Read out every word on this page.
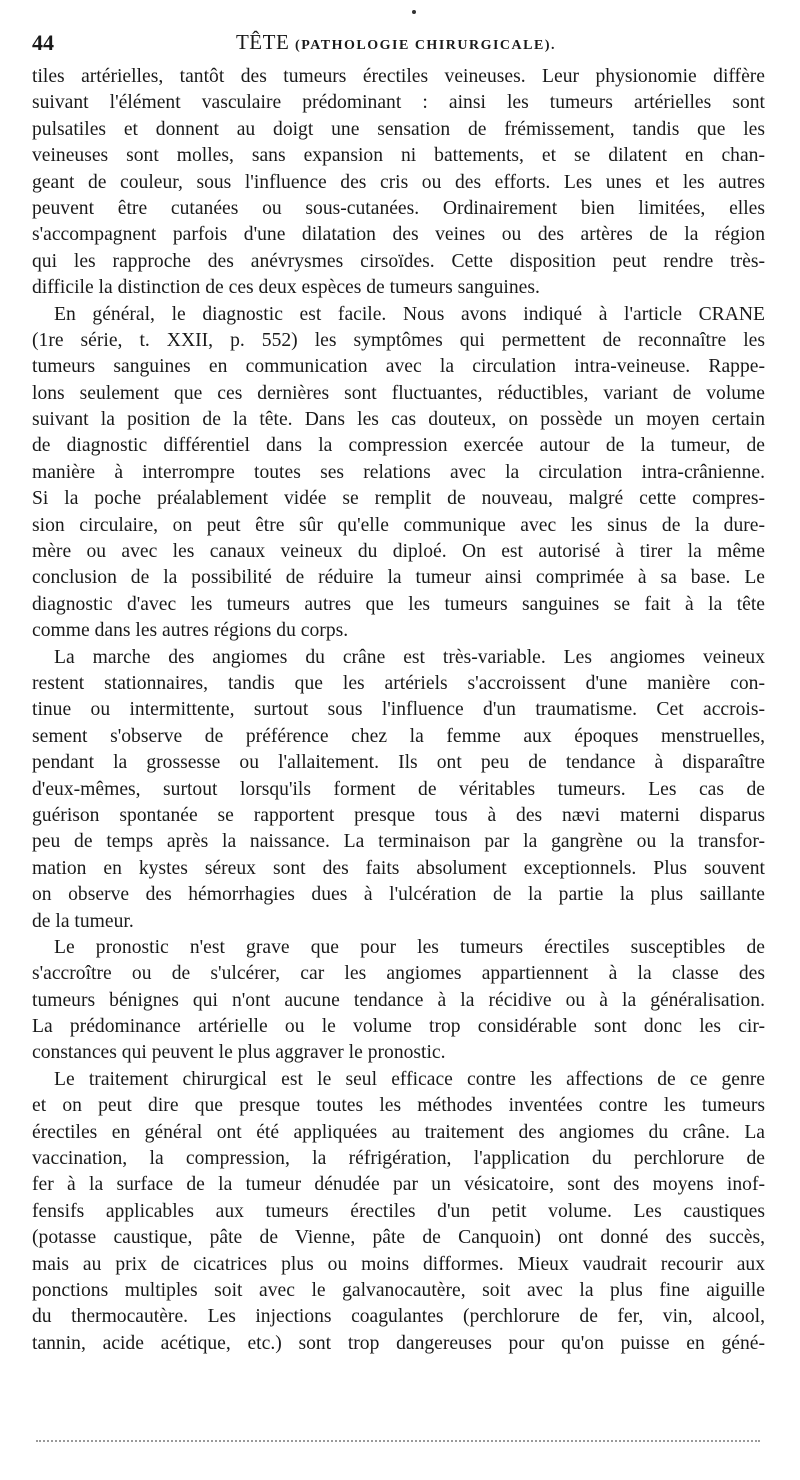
44	TÊTE (PATHOLOGIE CHIRURGICALE).
tiles artérielles, tantôt des tumeurs érectiles veineuses. Leur physionomie diffère
suivant l'élément vasculaire prédominant : ainsi les tumeurs artérielles sont
pulsatiles et donnent au doigt une sensation de frémissement, tandis que les
veineuses sont molles, sans expansion ni battements, et se dilatent en chan-
geant de couleur, sous l'influence des cris ou des efforts. Les unes et les autres
peuvent être cutanées ou sous-cutanées. Ordinairement bien limitées, elles
s'accompagnent parfois d'une dilatation des veines ou des artères de la région
qui les rapproche des anévrysmes cirsoïdes. Cette disposition peut rendre très-
difficile la distinction de ces deux espèces de tumeurs sanguines.
En général, le diagnostic est facile. Nous avons indiqué à l'article CRANE
(1re série, t. XXII, p. 552) les symptômes qui permettent de reconnaître les
tumeurs sanguines en communication avec la circulation intra-veineuse. Rappe-
lons seulement que ces dernières sont fluctuantes, réductibles, variant de volume
suivant la position de la tête. Dans les cas douteux, on possède un moyen certain
de diagnostic différentiel dans la compression exercée autour de la tumeur, de
manière à interrompre toutes ses relations avec la circulation intra-crânienne.
Si la poche préalablement vidée se remplit de nouveau, malgré cette compres-
sion circulaire, on peut être sûr qu'elle communique avec les sinus de la dure-
mère ou avec les canaux veineux du diploé. On est autorisé à tirer la même
conclusion de la possibilité de réduire la tumeur ainsi comprimée à sa base. Le
diagnostic d'avec les tumeurs autres que les tumeurs sanguines se fait à la tête
comme dans les autres régions du corps.
La marche des angiomes du crâne est très-variable. Les angiomes veineux
restent stationnaires, tandis que les artériels s'accroissent d'une manière con-
tinue ou intermittente, surtout sous l'influence d'un traumatisme. Cet accrois-
sement s'observe de préférence chez la femme aux époques menstruelles,
pendant la grossesse ou l'allaitement. Ils ont peu de tendance à disparaître
d'eux-mêmes, surtout lorsqu'ils forment de véritables tumeurs. Les cas de
guérison spontanée se rapportent presque tous à des nævi materni disparus
peu de temps après la naissance. La terminaison par la gangrène ou la transfor-
mation en kystes séreux sont des faits absolument exceptionnels. Plus souvent
on observe des hémorrhagies dues à l'ulcération de la partie la plus saillante
de la tumeur.
Le pronostic n'est grave que pour les tumeurs érectiles susceptibles de
s'accroître ou de s'ulcérer, car les angiomes appartiennent à la classe des
tumeurs bénignes qui n'ont aucune tendance à la récidive ou à la généralisation.
La prédominance artérielle ou le volume trop considérable sont donc les cir-
constances qui peuvent le plus aggraver le pronostic.
Le traitement chirurgical est le seul efficace contre les affections de ce genre
et on peut dire que presque toutes les méthodes inventées contre les tumeurs
érectiles en général ont été appliquées au traitement des angiomes du crâne. La
vaccination, la compression, la réfrigération, l'application du perchlorure de
fer à la surface de la tumeur dénudée par un vésicatoire, sont des moyens inof-
fensifs applicables aux tumeurs érectiles d'un petit volume. Les caustiques
(potasse caustique, pâte de Vienne, pâte de Canquoin) ont donné des succès,
mais au prix de cicatrices plus ou moins difformes. Mieux vaudrait recourir aux
ponctions multiples soit avec le galvanocautère, soit avec la plus fine aiguille
du thermocautère. Les injections coagulantes (perchlorure de fer, vin, alcool,
tannin, acide acétique, etc.) sont trop dangereuses pour qu'on puisse en géné-
